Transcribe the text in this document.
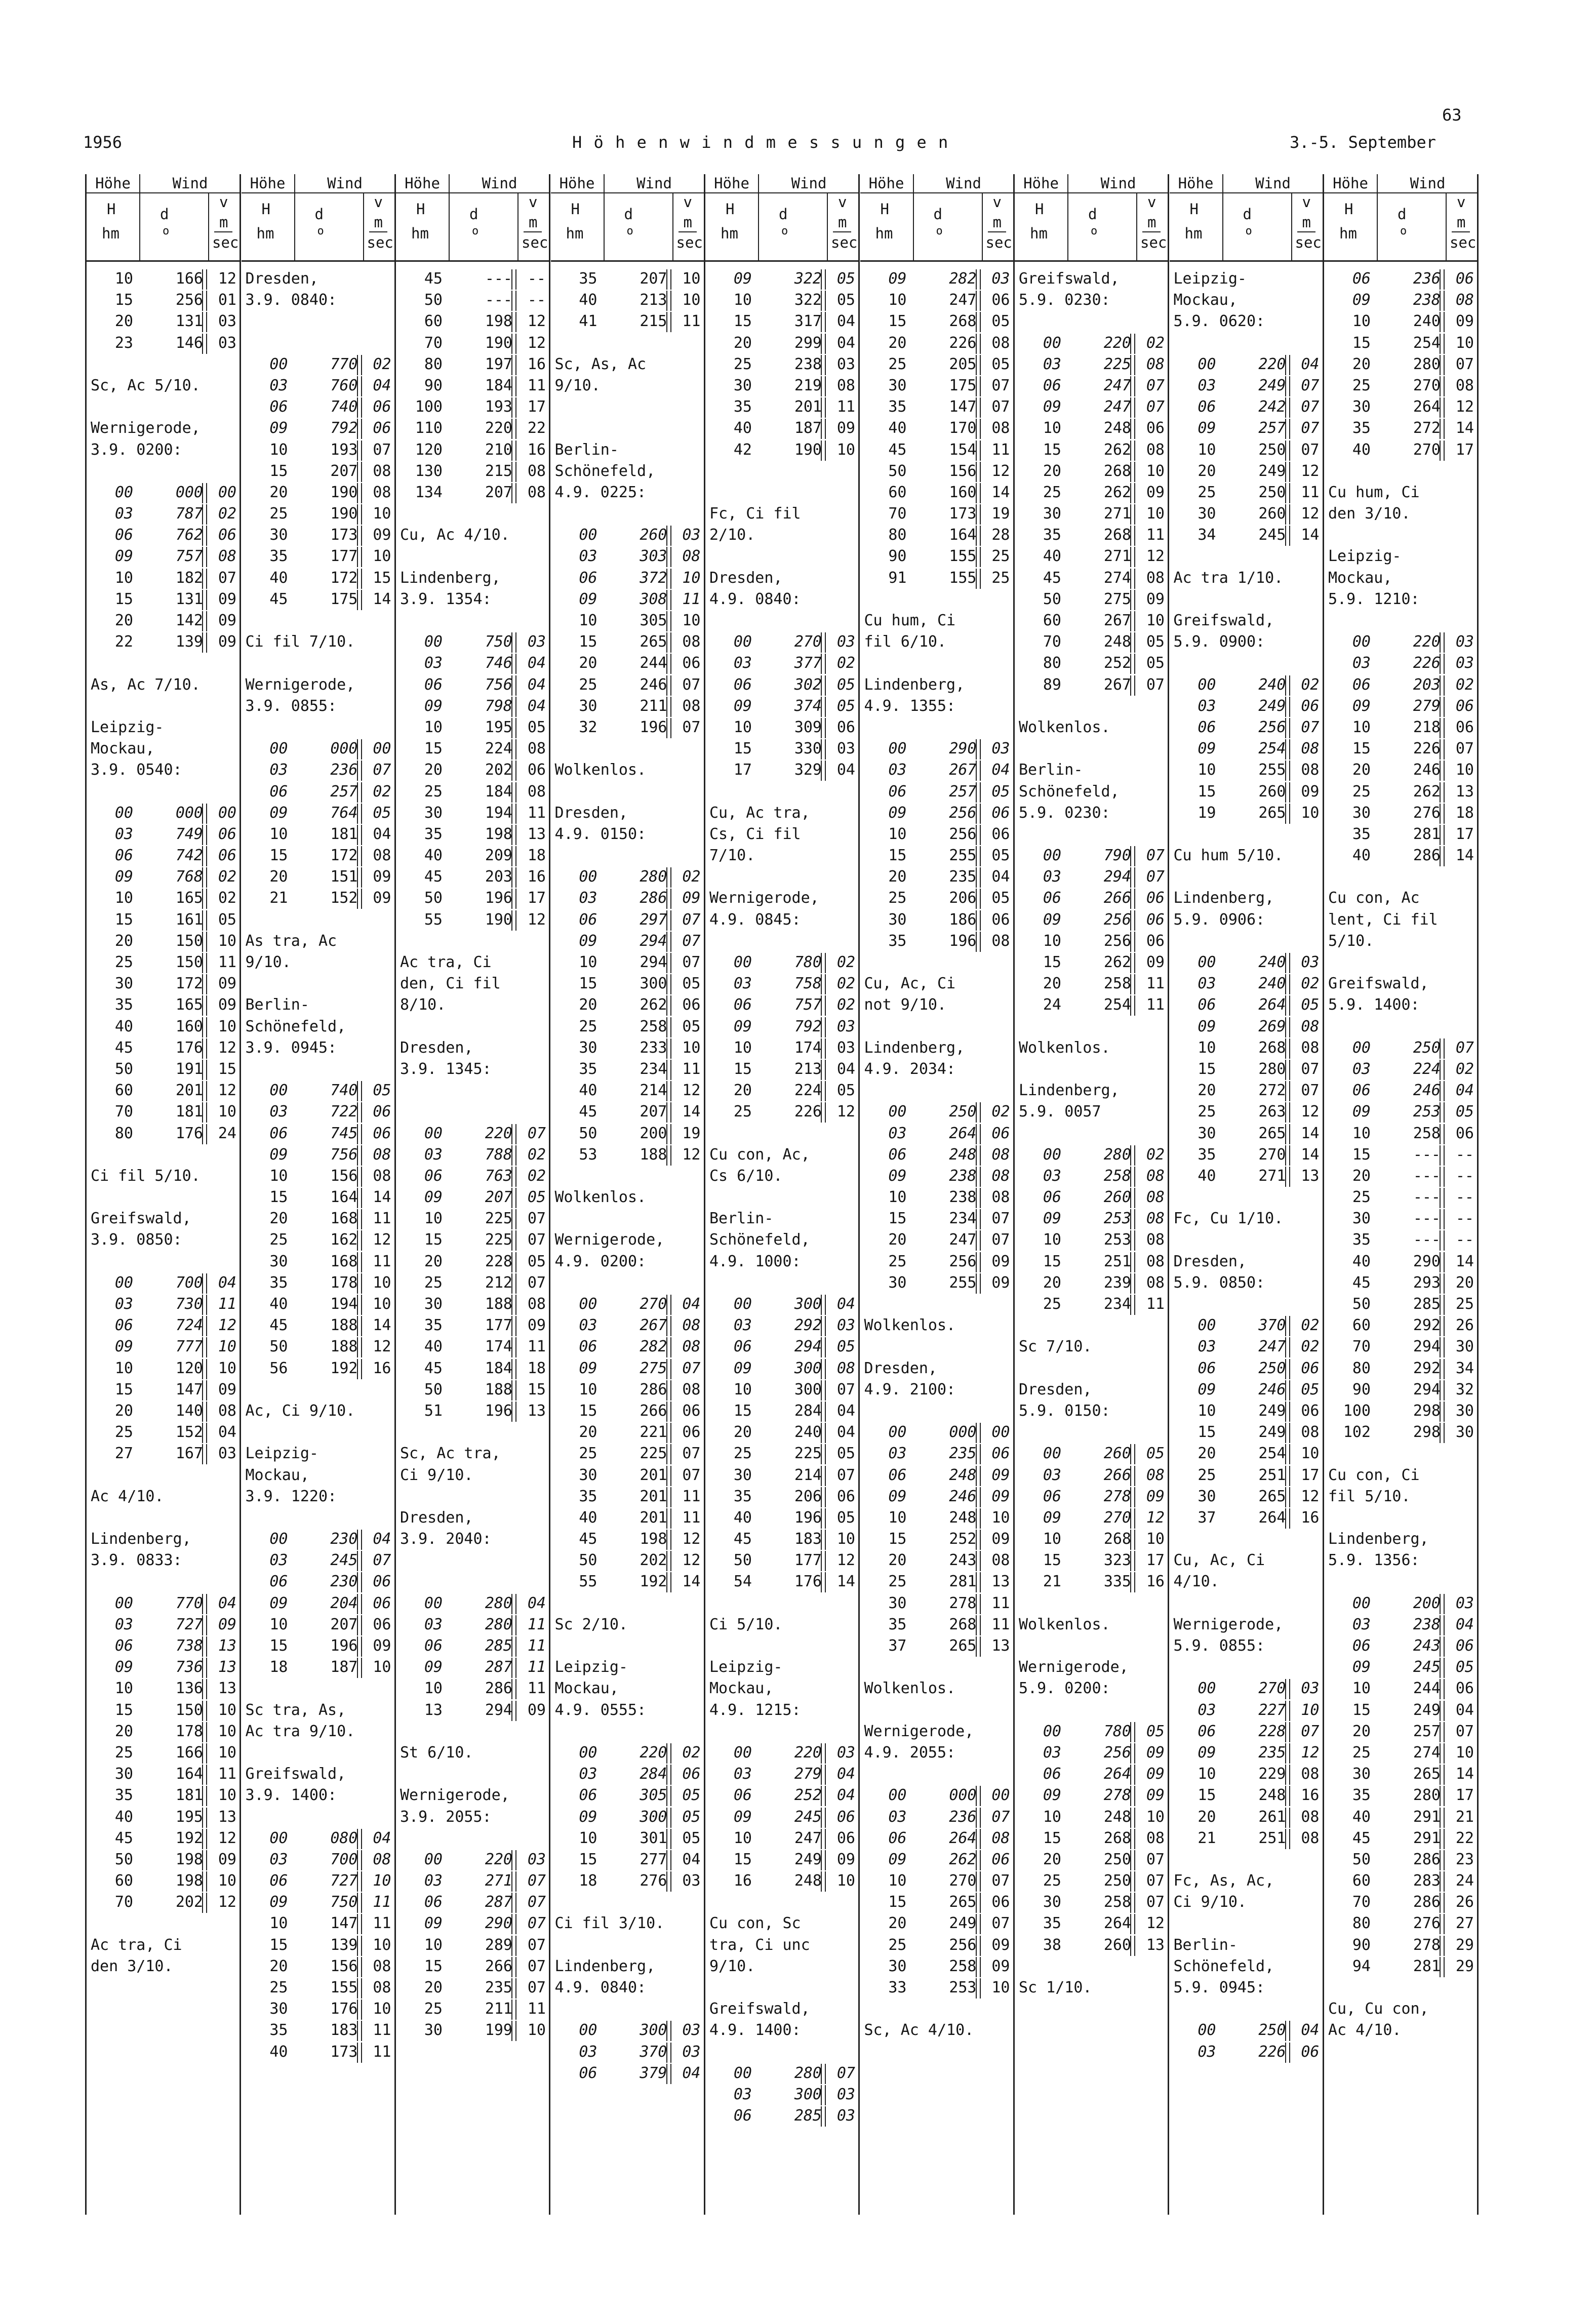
1956	H ö h e n w i n d m e s s u n g e n
63
3.-5. September
Höhe	Wind
H
hm
d
o
v
m
sec
10	166 12
15	256 01
20	131 03
23	146 03
Sc, Ac 5/10.
Wernigerode,
3.9. 0200:
00	000 00
03	787 02
06	762 06
09	757 08
10	182 07
15	131 09
20	142 09
22	139 09
As, Ac 7/10.
Leipzig-
Mockau,
3.9. 0540:
00	000 00
03	749 06
06	742 06
09	768 02
10	165 02
15	161 05
20	150 10
25	150 11
30	172 09
35	165 09
40	160 10
45	176 12
50	191 15
60	201 12
70	181 10
80	176 24
Ci fil 5/10.
Greifswald,
3.9. 0850:
00	700 04
03	730 11
06	724 12
09	777 10
10	120 10
15	147 09
20	140 08
25	152 04
27	167 03
Ac 4/10.
Lindenberg,
3.9. 0833:
00	770 04
03	727 09
06	738 13
09	736 13
10	136 13
15	150 10
20	178 10
25	166 10
30	164 11
35	181 10
40	195 13
45	192 12
50	198 09
60	198 10
70	202 12
Ac tra, Ci
den 3/10.
Höhe	Wind
H
hm
d
o
v
m
sec
Dresden,
3.9. 0840:
00	770 02
03	760 04
06	740 06
09	792 06
10	193 07
15	207 08
20	190 08
25	190 10
30	173 09
35	177 10
40	172 15
45	175 14
Ci fil 7/10.
Wernigerode,
3.9. 0855:
00	000 00
03	236 07
06	257 02
09	764 05
10	181 04
15	172 08
20	151 09
21	152 09
As tra, Ac
9/10.
Berlin-
Schönefeld,
3.9. 0945:
00	740 05
03	722 06
06	745 06
09	756 08
10	156 08
15	164 14
20	168 11
25	162 12
30	168 11
35	178 10
40	194 10
45	188 14
50	188 12
56	192 16
Ac, Ci 9/10.
Leipzig-
Mockau,
3.9. 1220:
00	230 04
03	245 07
06	230 06
09	204 06
10	207 06
15	196 09
18	187 10
Sc tra, As,
Ac tra 9/10.
Greifswald,
3.9. 1400:
00	080 04
03	700 08
06	727 10
09	750 11
10	147 11
15	139 10
20	156 08
25	155 08
30	176 10
35	183 11
40	173 11
Höhe	Wind
H
hm
d
o
v
m
sec
45	--- --
50	--- --
60	198 12
70	190 12
80	197 16
90	184 11
100	193 17
110	220 22
120	210 16
130	215 08
134	207 08
Cu, Ac 4/10.
Lindenberg,
3.9. 1354:
00	750 03
03	746 04
06	756 04
09	798 04
10	195 05
15	224 08
20	202 06
25	184 08
30	194 11
35	198 13
40	209 18
45	203 16
50	196 17
55	190 12
Ac tra, Ci
den, Ci fil
8/10.
Dresden,
3.9. 1345:
00	220 07
03	788 02
06	763 02
09	207 05
10	225 07
15	225 07
20	228 05
25	212 07
30	188 08
35	177 09
40	174 11
45	184 18
50	188 15
51	196 13
Sc, Ac tra,
Ci 9/10.
Dresden,
3.9. 2040:
00	280 04
03	280 11
06	285 11
09	287 11
10	286 11
13	294 09
St 6/10.
Wernigerode,
3.9. 2055:
00	220 03
03	271 07
06	287 07
09	290 07
10	289 07
15	266 07
20	235 07
25	211 11
30	199 10
Höhe	Wind
H
hm
d
o
v
m
sec
35	207 10
40	213 10
41	215 11
Sc, As, Ac
9/10.
Berlin-
Schönefeld,
4.9. 0225:
00	260 03
03	303 08
06	372 10
09	308 11
10	305 10
15	265 08
20	244 06
25	246 07
30	211 08
32	196 07
Wolkenlos.
Dresden,
4.9. 0150:
00	280 02
03	286 09
06	297 07
09	294 07
10	294 07
15	300 05
20	262 06
25	258 05
30	233 10
35	234 11
40	214 12
45	207 14
50	200 19
53	188 12
Wolkenlos.
Wernigerode,
4.9. 0200:
00	270 04
03	267 08
06	282 08
09	275 07
10	286 08
15	266 06
20	221 06
25	225 07
30	201 07
35	201 11
40	201 11
45	198 12
50	202 12
55	192 14
Sc 2/10.
Leipzig-
Mockau,
4.9. 0555:
00	220 02
03	284 06
06	305 05
09	300 05
10	301 05
15	277 04
18	276 03
Ci fil 3/10.
Lindenberg,
4.9. 0840:
00	300 03
03	370 03
06	379 04
Höhe	Wind
H
hm
d
o
v
m
sec
09	322 05
10	322 05
15	317 04
20	299 04
25	238 03
30	219 08
35	201 11
40	187 09
42	190 10
Fc, Ci fil
2/10.
Dresden,
4.9. 0840:
00	270 03
03	377 02
06	302 05
09	374 05
10	309 06
15	330 03
17	329 04
Cu, Ac tra,
Cs, Ci fil
7/10.
Wernigerode,
4.9. 0845:
00	780 02
03	758 02
06	757 02
09	792 03
10	174 03
15	213 04
20	224 05
25	226 12
Cu con, Ac,
Cs 6/10.
Berlin-
Schönefeld,
4.9. 1000:
00	300 04
03	292 03
06	294 05
09	300 08
10	300 07
15	284 04
20	240 04
25	225 05
30	214 07
35	206 06
40	196 05
45	183 10
50	177 12
54	176 14
Ci 5/10.
Leipzig-
Mockau,
4.9. 1215:
00	220 03
03	279 04
06	252 04
09	245 06
10	247 06
15	249 09
16	248 10
Cu con, Sc
tra, Ci unc
9/10.
Greifswald,
4.9. 1400:
00	280 07
03	300 03
06	285 03
Höhe	Wind
H
hm
d
o
v
m
sec
09	282 03
10	247 06
15	268 05
20	226 08
25	205 05
30	175 07
35	147 07
40	170 08
45	154 11
50	156 12
60	160 14
70	173 19
80	164 28
90	155 25
91	155 25
Cu hum, Ci
fil 6/10.
Lindenberg,
4.9. 1355:
00	290 03
03	267 04
06	257 05
09	256 06
10	256 06
15	255 05
20	235 04
25	206 05
30	186 06
35	196 08
Cu, Ac, Ci
not 9/10.
Lindenberg,
4.9. 2034:
00	250 02
03	264 06
06	248 08
09	238 08
10	238 08
15	234 07
20	247 07
25	256 09
30	255 09
Wolkenlos.
Dresden,
4.9. 2100:
00	000 00
03	235 06
06	248 09
09	246 09
10	248 10
15	252 09
20	243 08
25	281 13
30	278 11
35	268 11
37	265 13
Wolkenlos.
Wernigerode,
4.9. 2055:
00	000 00
03	236 07
06	264 08
09	262 06
10	270 07
15	265 06
20	249 07
25	256 09
30	258 09
33	253 10
Sc, Ac 4/10.
Höhe	Wind
H
hm
d
o
v
m
sec
Greifswald,
5.9. 0230:
00	220 02
03	225 08
06	247 07
09	247 07
10	248 06
15	262 08
20	268 10
25	262 09
30	271 10
35	268 11
40	271 12
45	274 08
50	275 09
60	267 10
70	248 05
80	252 05
89	267 07
Wolkenlos.
Berlin-
Schönefeld,
5.9. 0230:
00	790 07
03	294 07
06	266 06
09	256 06
10	256 06
15	262 09
20	258 11
24	254 11
Wolkenlos.
Lindenberg,
5.9. 0057
00	280 02
03	258 08
06	260 08
09	253 08
10	253 08
15	251 08
20	239 08
25	234 11
Sc 7/10.
Dresden,
5.9. 0150:
00	260 05
03	266 08
06	278 09
09	270 12
10	268 10
15	323 17
21	335 16
Wolkenlos.
Wernigerode,
5.9. 0200:
00	780 05
03	256 09
06	264 09
09	278 09
10	248 10
15	268 08
20	250 07
25	250 07
30	258 07
35	264 12
38	260 13
Sc 1/10.
Höhe	Wind
H
hm
d
o
v
m
sec
Leipzig-
Mockau,
5.9. 0620:
00	220 04
03	249 07
06	242 07
09	257 07
10	250 07
20	249 12
25	250 11
30	260 12
34	245 14
Ac tra 1/10.
Greifswald,
5.9. 0900:
00	240 02
03	249 06
06	256 07
09	254 08
10	255 08
15	260 09
19	265 10
Cu hum 5/10.
Lindenberg,
5.9. 0906:
00	240 03
03	240 02
06	264 05
09	269 08
10	268 08
15	280 07
20	272 07
25	263 12
30	265 14
35	270 14
40	271 13
Fc, Cu 1/10.
Dresden,
5.9. 0850:
00	370 02
03	247 02
06	250 06
09	246 05
10	249 06
15	249 08
20	254 10
25	251 17
30	265 12
37	264 16
Cu, Ac, Ci
4/10.
Wernigerode,
5.9. 0855:
00	270 03
03	227 10
06	228 07
09	235 12
10	229 08
15	248 16
20	261 08
21	251 08
Fc, As, Ac,
Ci 9/10.
Berlin-
Schönefeld,
5.9. 0945:
00	250 04
03	226 06
Höhe	Wind
H
hm
d
o
v
m
sec
06	236 06
09	238 08
10	240 09
15	254 10
20	280 07
25	270 08
30	264 12
35	272 14
40	270 17
Cu hum, Ci
den 3/10.
Leipzig-
Mockau,
5.9. 1210:
00	220 03
03	226 03
06	203 02
09	279 06
10	218 06
15	226 07
20	246 10
25	262 13
30	276 18
35	281 17
40	286 14
Cu con, Ac
lent, Ci fil
5/10.
Greifswald,
5.9. 1400:
00	250 07
03	224 02
06	246 04
09	253 05
10	258 06
15	--- --
20	--- --
25	--- --
30	--- --
35	--- --
40	290 14
45	293 20
50	285 25
60	292 26
70	294 30
80	292 34
90	294 32
100	298 30
102	298 30
Cu con, Ci
fil 5/10.
Lindenberg,
5.9. 1356:
00	200 03
03	238 04
06	243 06
09	245 05
10	244 06
15	249 04
20	257 07
25	274 10
30	265 14
35	280 17
40	291 21
45	291 22
50	286 23
60	283 24
70	286 26
80	276 27
90	278 29
94	281 29
Cu, Cu con,
Ac 4/10.
